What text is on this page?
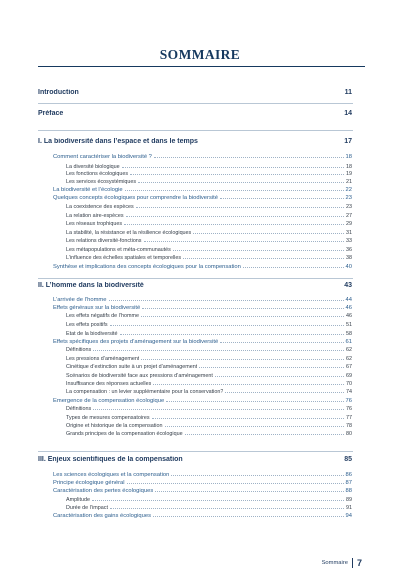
SOMMAIRE
Introduction	11
Préface	14
I. La biodiversité dans l’espace et dans le temps	17
Comment caractériser la biodiversité ?	18
La diversité biologique	18
Les fonctions écologiques	19
Les services écosystémiques	21
La biodiversité et l’écologie	22
Quelques concepts écologiques pour comprendre la biodiversité	23
La coexistence des espèces	23
La relation aire-espèces	27
Les réseaux trophiques	29
La stabilité, la résistance et la résilience écologiques	31
Les relations diversité-fonctions	33
Les métapopulations et méta-communautés	36
L’influence des échelles spatiales et temporelles	38
Synthèse et implications des concepts écologiques pour la compensation	40
II. L’homme dans la biodiversité	43
L’arrivée de l’homme	44
Effets généraux sur la biodiversité	46
Les effets négatifs de l’homme	46
Les effets positifs	51
État de la biodiversité	58
Effets spécifiques des projets d’aménagement sur la biodiversité	61
Définitions	62
Les pressions d’aménagement	62
Cinétique d’extinction suite à un projet d’aménagement	67
Scénarios de biodiversité face aux pressions d’aménagement	69
Insuffisance des réponses actuelles	70
La compensation : un levier supplémentaire pour la conservation?	74
Émergence de la compensation écologique	76
Définitions	76
Types de mesures compensatoires	77
Origine et historique de la compensation	78
Grands principes de la compensation écologique	80
III. Enjeux scientifiques de la compensation	85
Les sciences écologiques et la compensation	86
Principe écologique général	87
Caractérisation des pertes écologiques	88
Amplitude	89
Durée de l’impact	91
Caractérisation des gains écologiques	94
Sommaire 7
